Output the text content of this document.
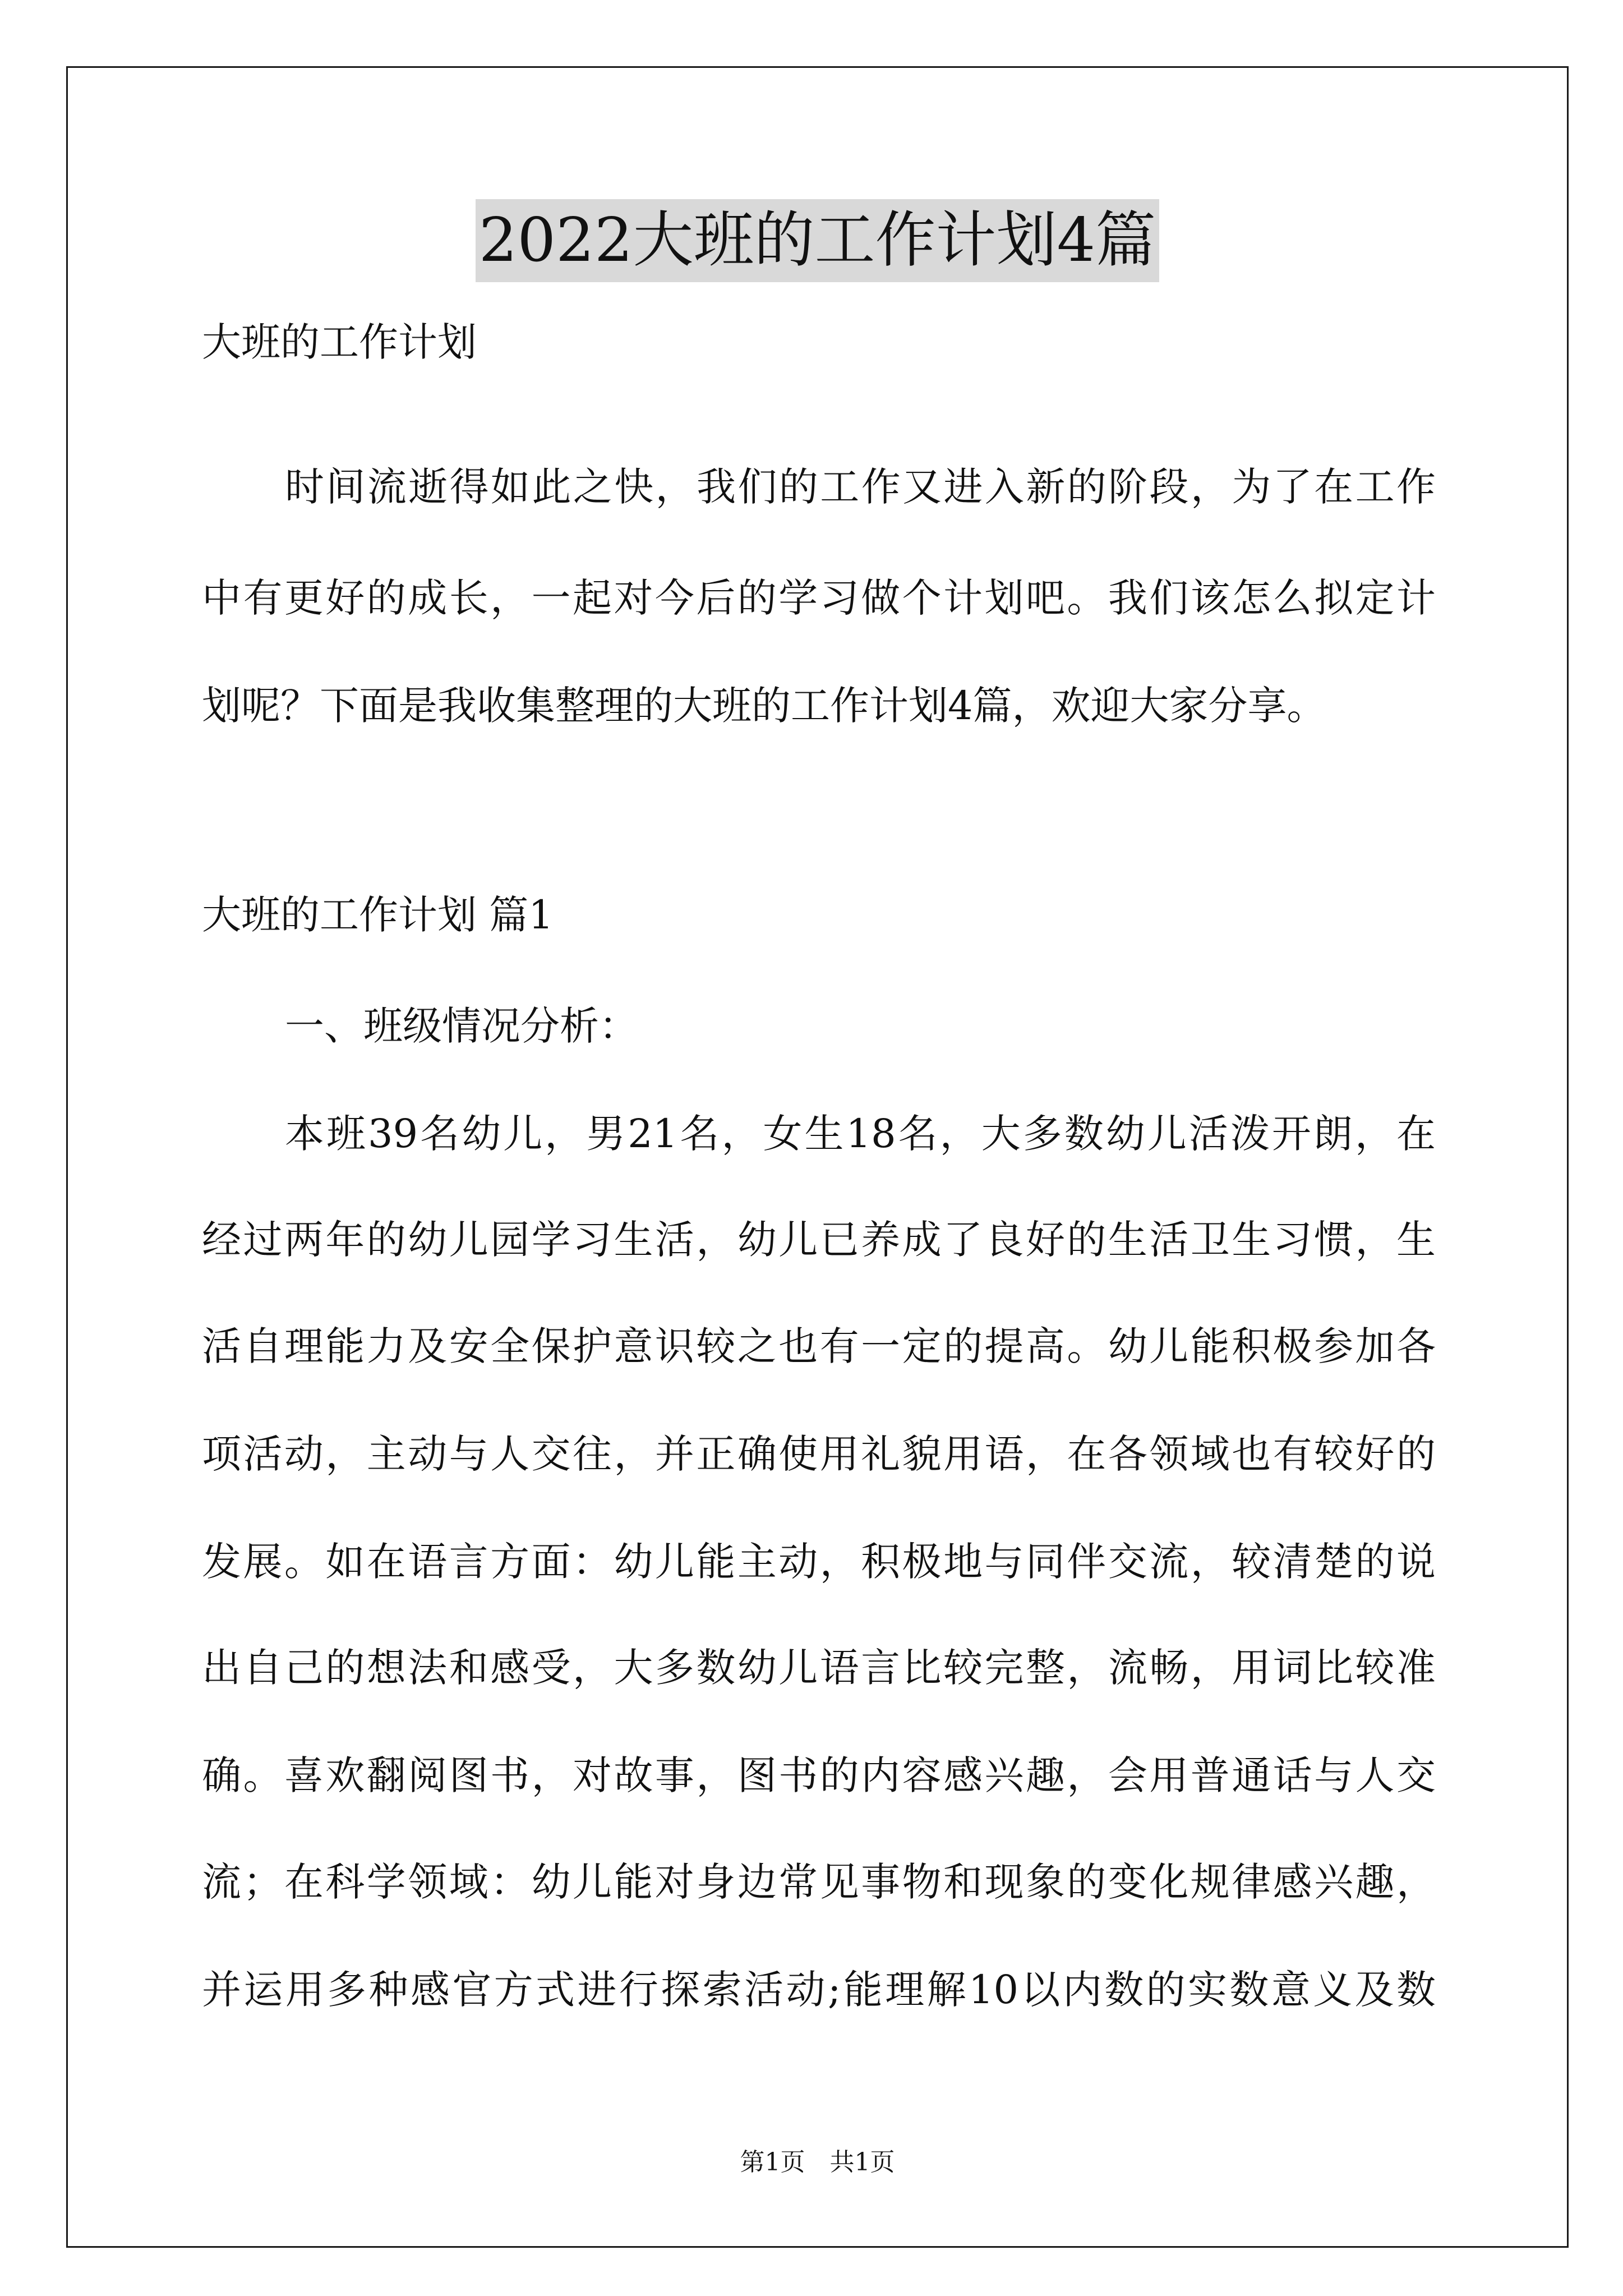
2022大班的工作计划4篇
大班的工作计划
时间流逝得如此之快，我们的工作又进入新的阶段，为了在工作
中有更好的成长，一起对今后的学习做个计划吧。我们该怎么拟定计
划呢？下面是我收集整理的大班的工作计划4篇，欢迎大家分享。
大班的工作计划 篇1
一、班级情况分析：
本班39名幼儿，男21名，女生18名，大多数幼儿活泼开朗，在
经过两年的幼儿园学习生活，幼儿已养成了良好的生活卫生习惯，生
活自理能力及安全保护意识较之也有一定的提高。幼儿能积极参加各
项活动，主动与人交往，并正确使用礼貌用语，在各领域也有较好的
发展。如在语言方面：幼儿能主动，积极地与同伴交流，较清楚的说
出自己的想法和感受，大多数幼儿语言比较完整，流畅，用词比较准
确。喜欢翻阅图书，对故事，图书的内容感兴趣，会用普通话与人交
流；在科学领域：幼儿能对身边常见事物和现象的变化规律感兴趣，
并运用多种感官方式进行探索活动;能理解10以内数的实数意义及数
第1页　共1页
